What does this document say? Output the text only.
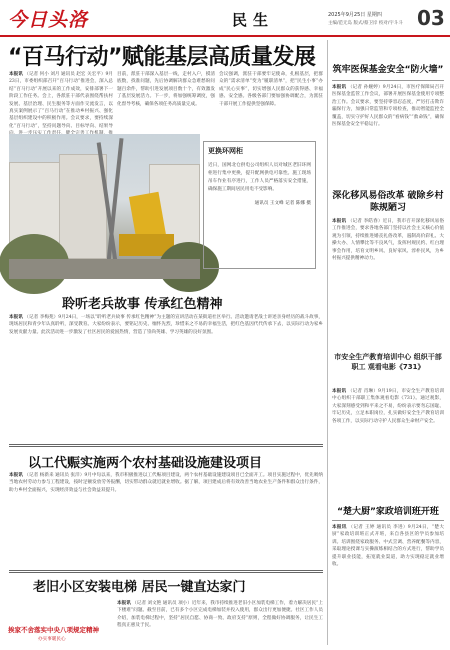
今日头洛	民生	2025年9月25日 星期四
主编/范无岛 版式/蔡卫岸 校对/宇斗斗 03
“百马行动”赋能基层高质量发展
本报讯 （记者 何小 刘月 通讯员 赵宏 关宏平）9月23日，市委组织部召开“百马行动”推进会，深入总结“百马行动”开展以来的工作成效，安排部署下一阶段工作任务。会上，各派驻干部代表围绕帮扶村发展、基层治理、民生服务等方面作交流发言，以真实案例展示了“百马行动”在推动乡村振兴、强化基层组织建设中的积极作用。会议要求，要持续深化“百马行动”，坚持问题导向、目标导向、结果导
目前，派驻干部深入基层一线，走村入户，摸清底数，找准问题，先后协调解决群众急难愁盼问题百余件，帮助引进发展项目数十个，有效激发了基层发展活力。下一步，将加强统筹调度，强化督导考核，确保各项任务高质量完成。
会议强调，派驻干部要牢记使命，扎根基层，把群众的“需求清单”变为“履职清单”，把“民生小事”办成“民心实事”，切实增强人民群众的获得感、幸福感、安全感。各级各部门要加强协调配合，为派驻干部开展工作提供坚强保障。
更换环网柜
近日，国网北仓供电公司组织人员对城区老旧环网柜进行集中更换，提升配网供电可靠性。施工现场吊车作业有序进行，工作人员严格落实安全措施，确保施工期间居民用电不受影响。
通讯员 王文峰 记者 陈娜 摄
聆听老兵故事 传承红色精神
本报讯 （记者 李梅苑）9月24日，一场以“聆听老兵故事 传承红色精神”为主题的宣讲活动在某街道社区举行。活动邀请老战士讲述亲身经历的战斗故事，现场居民和青少年认真聆听，深受教育。大家纷纷表示，要铭记历史、缅怀先烈，珍惜来之不易的幸福生活，把红色基因代代传承下去，以实际行动为家乡发展贡献力量。此次活动进一步激发了社区居民的爱国热情，营造了崇尚英雄、学习英雄的良好氛围。
以工代赈实施两个农村基础设施建设项目
本报讯 （记者 杨新来 通讯员 张洋）9月中旬以来，我市积极推进以工代赈项目建设，两个农村基础设施建设项目已全面开工。项目实施过程中，优先吸纳当地农村劳动力参与工程建设，按时足额发放劳务报酬，切实带动群众就近就业增收。据了解，项目建成后将有效改善当地农业生产条件和群众出行条件，助力乡村全面振兴，实现经济效益与社会效益双提升。
老旧小区安装电梯 居民一键直达家门
本报讯 （记者 刘文艳 通讯员 项小）近年来，我市持续推进老旧小区加装电梯工作，着力解决居民“上下楼难”问题。截至目前，已有多个小区完成电梯加装并投入使用，群众出行更加便捷。社区工作人员介绍，加装电梯过程中，坚持“居民自愿、协商一致、政府支持”原则，全程做好协调服务，让民生工程真正惠及于民。
挨家不舍落实中央八项规定精神
办实事暖民心
筑牢医保基金安全“防火墙”
本报讯 （记者 孙婉婷）9月24日，市医疗保障局召开医保基金监管工作会议，部署开展医保基金使用专项整治工作。会议要求，要坚持零容忍态度，严厉打击欺诈骗保行为，加强日常监管和专项检查，推动智能监控全覆盖，切实守护好人民群众的“看病钱”“救命钱”，确保医保基金安全平稳运行。
深化移风易俗改革 破除乡村陈规陋习
本报讯 （记者 李皓春）近日，我市召开深化移风易俗工作推进会，要求各地各部门坚持以社会主义核心价值观为引领，持续推进婚丧礼俗改革，遏制高价彩礼、大操大办、人情攀比等不良风气，发挥村规民约、红白理事会作用，培育文明乡风、良好家风、淳朴民风，为乡村振兴提供精神动力。
市安全生产教育培训中心 组织干部职工 观看电影《731》
本报讯 （记者 肖琳）9月19日，市安全生产教育培训中心组织干部职工集体观看电影《731》。通过观影，大家深刻感受到和平来之不易，纷纷表示要勿忘国耻、牢记历史，立足本职岗位，扎实做好安全生产教育培训各项工作，以实际行动守护人民群众生命财产安全。
“楚大厨”家政培训班开班
本报讯 （记者 王婷 通讯员 李进）9月24日，“楚大厨”家政培训班正式开班，来自各县区的学员参加培训。培训围绕家政服务、中式烹调、营养配餐等内容，采取理论授课与实操演练相结合的方式进行，帮助学员提升职业技能，拓宽就业渠道，助力实现稳定就业增收。
